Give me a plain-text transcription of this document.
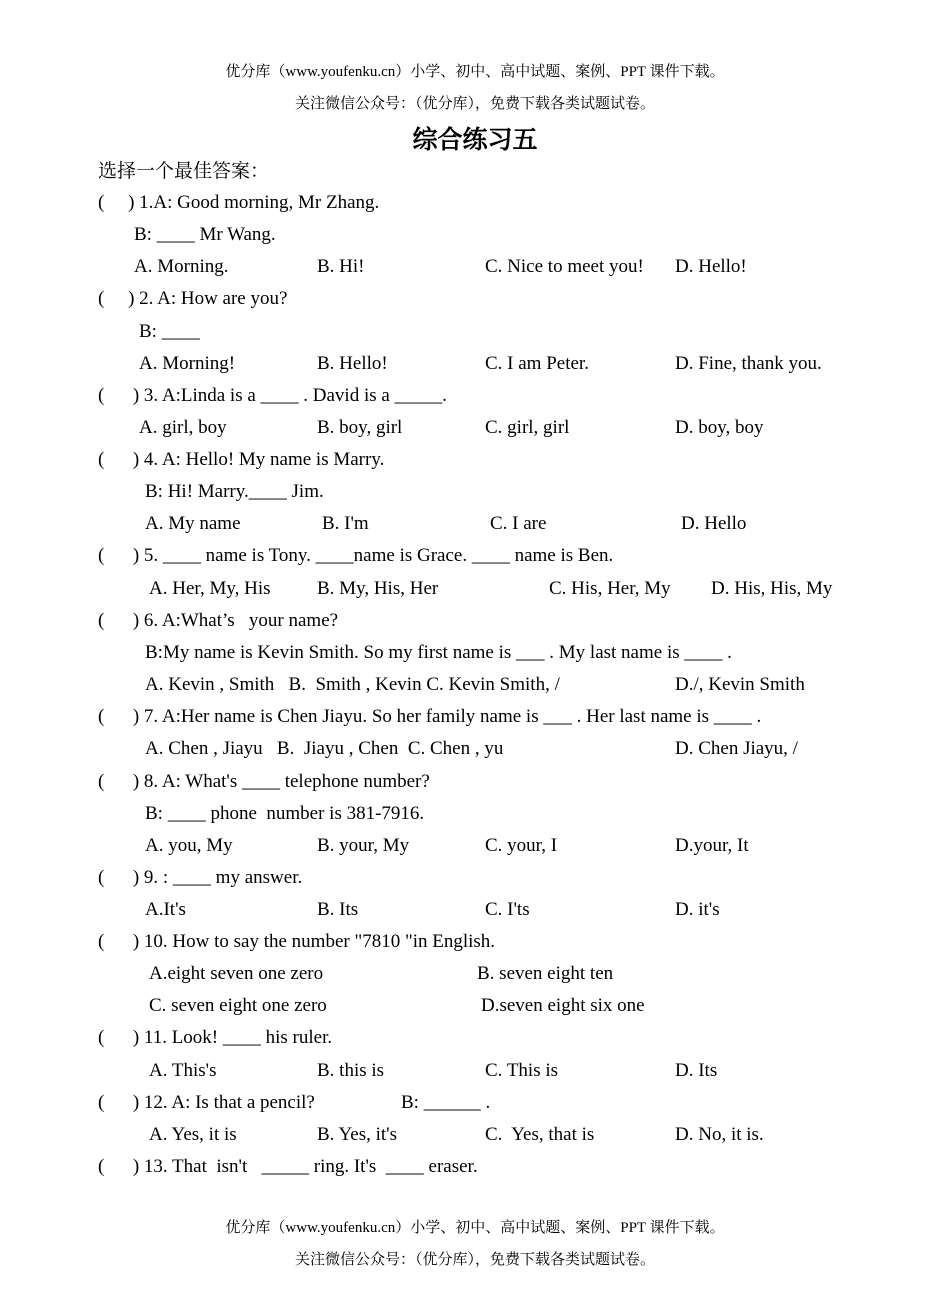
优分库（www.youfenku.cn）小学、初中、高中试题、案例、PPT 课件下载。
关注微信公众号：（优分库），免费下载各类试题试卷。
综合练习五
选择一个最佳答案：
(     ) 1.A: Good morning, Mr Zhang.
B: ____ Mr Wang.
A. Morning.	B. Hi!	C. Nice to meet you! D. Hello!
(     ) 2. A: How are you?
B: ____
A. Morning!	B. Hello!	C. I am Peter.	D. Fine, thank you.
(      ) 3. A:Linda is a ____ . David is a _____.
A. girl, boy	B. boy, girl	C. girl, girl	D. boy, boy
(      ) 4. A: Hello! My name is Marry.
B: Hi! Marry.____ Jim.
A. My name	B. I'm	C. I are	D. Hello
(      ) 5. ____ name is Tony. ____name is Grace. ____ name is Ben.
A. Her, My, His B. My, His, Her	C. His, Her, My D. His, His, My
(      ) 6. A:What’s   your name?
B:My name is Kevin Smith. So my first name is ___ . My last name is ____ .
A. Kevin , Smith   B.  Smith , Kevin C. Kevin Smith, /	D./, Kevin Smith
(      ) 7. A:Her name is Chen Jiayu. So her family name is ___ . Her last name is ____ .
A. Chen , Jiayu   B.  Jiayu , Chen  C. Chen , yu	D. Chen Jiayu, /
(      ) 8. A: What's ____ telephone number?
B: ____ phone  number is 381-7916.
A. you, My	B. your, My	C. your, I	D.your, It
(      ) 9. : ____ my answer.
A.It's	B. Its	C. I'ts	D. it's
(      ) 10. How to say the number "7810 "in English.
A.eight seven one zero	B. seven eight ten
C. seven eight one zero	D.seven eight six one
(      ) 11. Look! ____ his ruler.
A. This's	B. this is	C. This is	D. Its
(      ) 12. A: Is that a pencil?	B: ______ .
A. Yes, it is	B. Yes, it's	C.  Yes, that is	D. No, it is.
(      ) 13. That  isn't   _____ ring. It's  ____ eraser.
优分库（www.youfenku.cn）小学、初中、高中试题、案例、PPT 课件下载。
关注微信公众号：（优分库），免费下载各类试题试卷。
